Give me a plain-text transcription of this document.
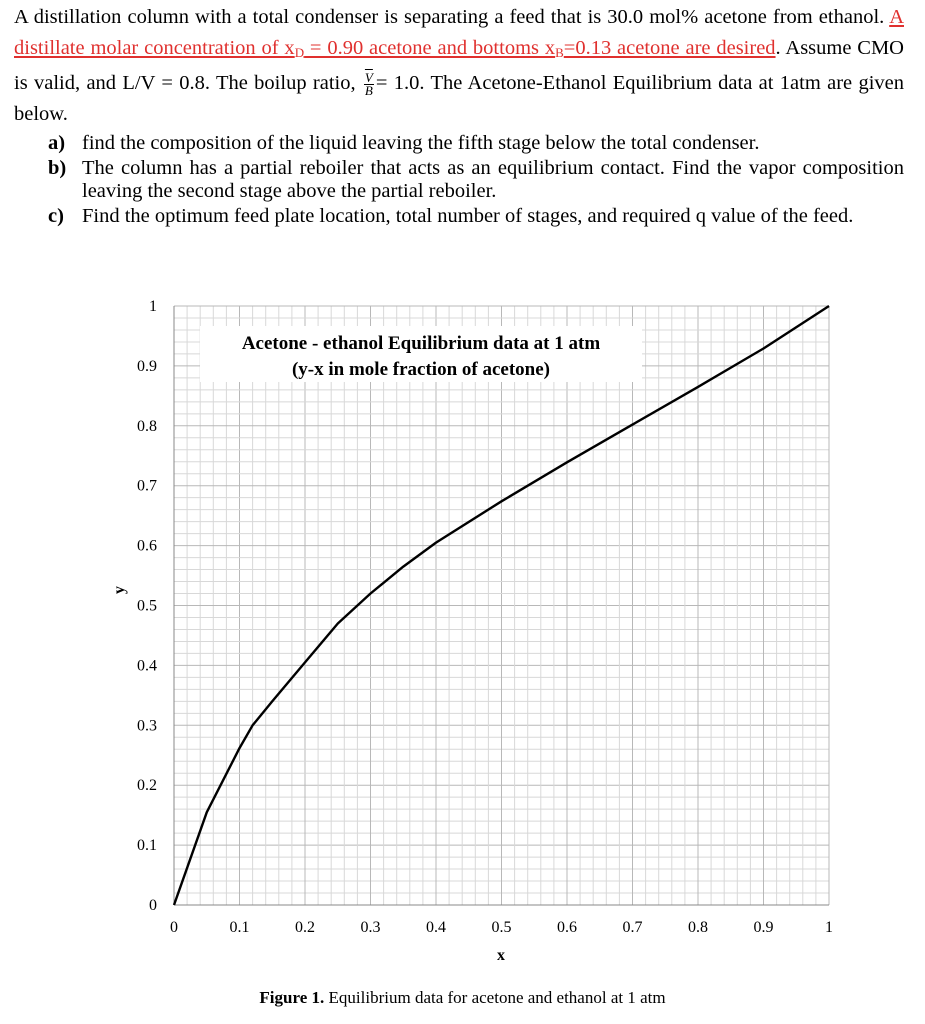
A distillation column with a total condenser is separating a feed that is 30.0 mol% acetone from ethanol. A distillate molar concentration of $x_D = 0.90$ acetone and bottoms $x_B=0.13$ acetone are desired. Assume CMO is valid, and L/V = 0.8. The boilup ratio, $\frac{\overline{V}}{B} = 1.0$. The Acetone-Ethanol Equilibrium data at 1atm are given below.
a) find the composition of the liquid leaving the fifth stage below the total condenser.
b) The column has a partial reboiler that acts as an equilibrium contact. Find the vapor composition leaving the second stage above the partial reboiler.
c) Find the optimum feed plate location, total number of stages, and required q value of the feed.
0	0.1	0.2	0.3	0.4	0.5	0.6	0.7	0.8	0.9	1
0
0.1
0.2
0.3
0.4
0.5
0.6
0.7
0.8
0.9
1
x
y
Acetone - ethanol Equilibrium data at 1 atm
(y-x in mole fraction of acetone)
Figure 1. Equilibrium data for acetone and ethanol at 1 atm
